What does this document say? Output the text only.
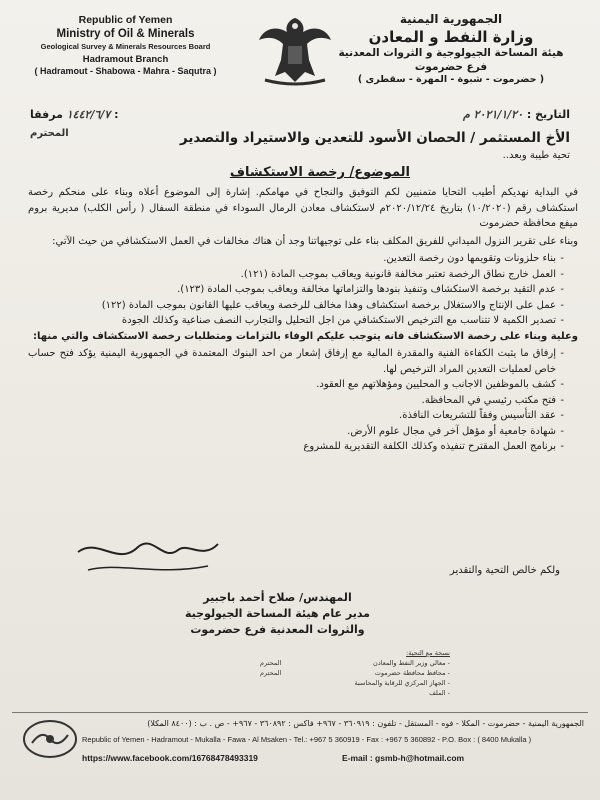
Republic of Yemen
Ministry of Oil & Minerals
Geological Survey & Minerals Resources Board
Hadramout Branch
( Hadramout - Shabowa - Mahra - Saqutra )
الجمهورية اليمنية
وزارة النفط و المعادن
هيئة المساحة الجيولوجية و الثروات المعدنية
فرع حضرموت
( حضرموت - شبوة - المهرة - سقطرى )
التاريخ : ٢٠٢١/١/٢٠ م
١٤٤٢/٦/٧ مرفقا :
المحترم	الأخ المستثمر / الحصان الأسود للتعدين والاستيراد والتصدير
تحية طيبة وبعد..
الموضوع/ رخصة الاستكشاف

في البداية نهديكم أطيب التحايا متمنيين لكم التوفيق والنجاح في مهامكم. إشارة إلى الموضوع أعلاه وبناء على منحكم رخصة استكشاف رقم (١٠/٢٠٢٠) بتاريخ ٢٠٢٠/١٢/٢٤م لاستكشاف معادن الرمال السوداء في منطقة السفال ( رأس الكلب) مديرية بروم ميفع محافظة حضرموت

وبناء على تقرير النزول الميداني للفريق المكلف بناء على توجيهاتنا وجد أن هناك مخالفات في العمل الاستكشافي من حيث الآتي:

- بناء حلزونات وتقويمها دون رخصة التعدين.
- العمل خارج نطاق الرخصة تعتبر مخالفة قانونية ويعاقب بموجب المادة (١٢١).
- عدم التقيد برخصة الاستكشاف وتنفيذ بنودها والتزاماتها مخالفة ويعاقب بموجب المادة (١٢٣).
- عمل على الإنتاج والاستغلال برخصة استكشاف وهذا مخالف للرخصة ويعاقب عليها القانون بموجب المادة (١٢٢)
- تصدير الكمية لا تتناسب مع الترخيص الاستكشافي من اجل التحليل والتجارب النصف صناعية وكذلك الجودة

وعلية وبناء على رخصة الاستكشاف فانه يتوجب عليكم الوفاء بالتزامات ومتطلبات رخصة الاستكشاف والتي منها:

- إرفاق ما يثبت الكفاءة الفنية والمقدرة المالية مع إرفاق إشعار من احد البنوك المعتمدة في الجمهورية اليمنية يؤكد فتح حساب خاص لعمليات التعدين المراد الترخيص لها.
- كشف بالموظفين الاجانب و المحليين ومؤهلاتهم مع العقود.
- فتح مكتب رئيسي في المحافظة.
- عقد التأسيس وفقاً للتشريعات النافذة.
- شهادة جامعية أو مؤهل آخر في مجال علوم الأرض.
- برنامج العمل المقترح تنفيذه وكذلك الكلفة التقديرية للمشروع
ولكم خالص التحية والتقدير
المهندس/ صلاح أحمد باجبير
مدير عام هيئة المساحة الجيولوجية
والثروات المعدنية فرع حضرموت
نسخة مع التحية:
- معالي وزير النفط والمعادن
المحترم
- محافظ محافظة حضرموت
المحترم
- الجهاز المركزي للرقابة والمحاسبة
- الملف
الجمهورية اليمنية - حضرموت - المكلا - فوه - المستقل - تلفون : ٣٦٠٩١٩ - ٩٦٧+ فاكس : ٣٦٠٨٩٢ - ٩٦٧+ - ص . ب : (٨٤٠٠ المكلا)
Republic of Yemen - Hadramout - Mukalla - Fawa - Al Msaken - Tel.: +967 5 360919 - Fax : +967 5 360892 - P.O. Box : ( 8400 Mukalla )
https://www.facebook.com/16768478493319	E-mail : gsmb-h@hotmail.com
